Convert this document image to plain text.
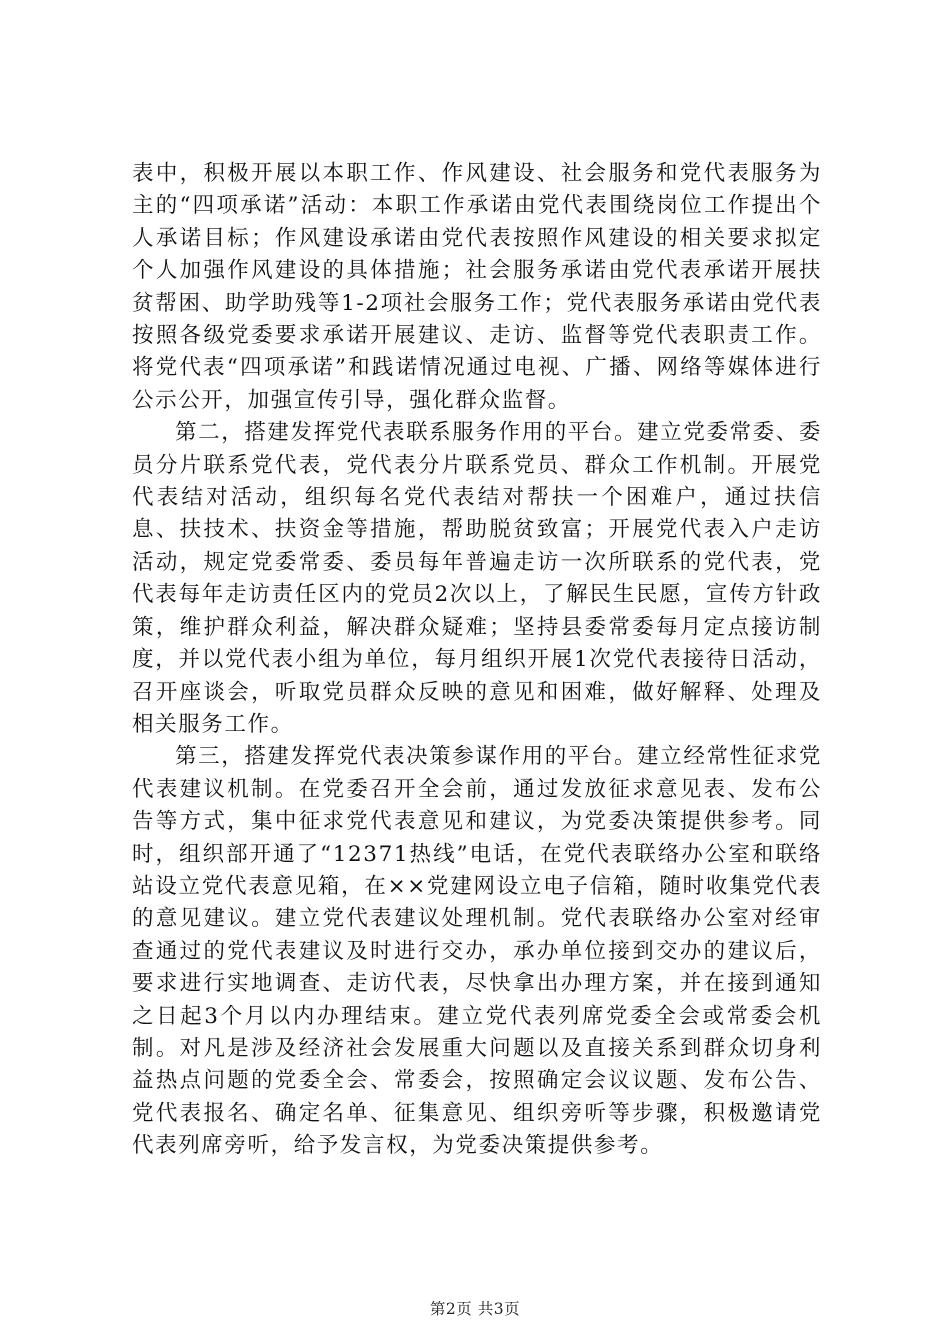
表中，积极开展以本职工作、作风建设、社会服务和党代表服务为主的“四项承诺”活动：本职工作承诺由党代表围绕岗位工作提出个人承诺目标；作风建设承诺由党代表按照作风建设的相关要求拟定个人加强作风建设的具体措施；社会服务承诺由党代表承诺开展扶贫帮困、助学助残等1-2项社会服务工作；党代表服务承诺由党代表按照各级党委要求承诺开展建议、走访、监督等党代表职责工作。将党代表“四项承诺”和践诺情况通过电视、广播、网络等媒体进行公示公开，加强宣传引导，强化群众监督。

第二，搭建发挥党代表联系服务作用的平台。建立党委常委、委员分片联系党代表，党代表分片联系党员、群众工作机制。开展党代表结对活动，组织每名党代表结对帮扶一个困难户，通过扶信息、扶技术、扶资金等措施，帮助脱贫致富；开展党代表入户走访活动，规定党委常委、委员每年普遍走访一次所联系的党代表，党代表每年走访责任区内的党员2次以上，了解民生民愿，宣传方针政策，维护群众利益，解决群众疑难；坚持县委常委每月定点接访制度，并以党代表小组为单位，每月组织开展1次党代表接待日活动，召开座谈会，听取党员群众反映的意见和困难，做好解释、处理及相关服务工作。

第三，搭建发挥党代表决策参谋作用的平台。建立经常性征求党代表建议机制。在党委召开全会前，通过发放征求意见表、发布公告等方式，集中征求党代表意见和建议，为党委决策提供参考。同时，组织部开通了“12371热线”电话，在党代表联络办公室和联络站设立党代表意见箱，在××党建网设立电子信箱，随时收集党代表的意见建议。建立党代表建议处理机制。党代表联络办公室对经审查通过的党代表建议及时进行交办，承办单位接到交办的建议后，要求进行实地调查、走访代表，尽快拿出办理方案，并在接到通知之日起3个月以内办理结束。建立党代表列席党委全会或常委会机制。对凡是涉及经济社会发展重大问题以及直接关系到群众切身利益热点问题的党委全会、常委会，按照确定会议议题、发布公告、党代表报名、确定名单、征集意见、组织旁听等步骤，积极邀请党代表列席旁听，给予发言权，为党委决策提供参考。

第2页 共3页
